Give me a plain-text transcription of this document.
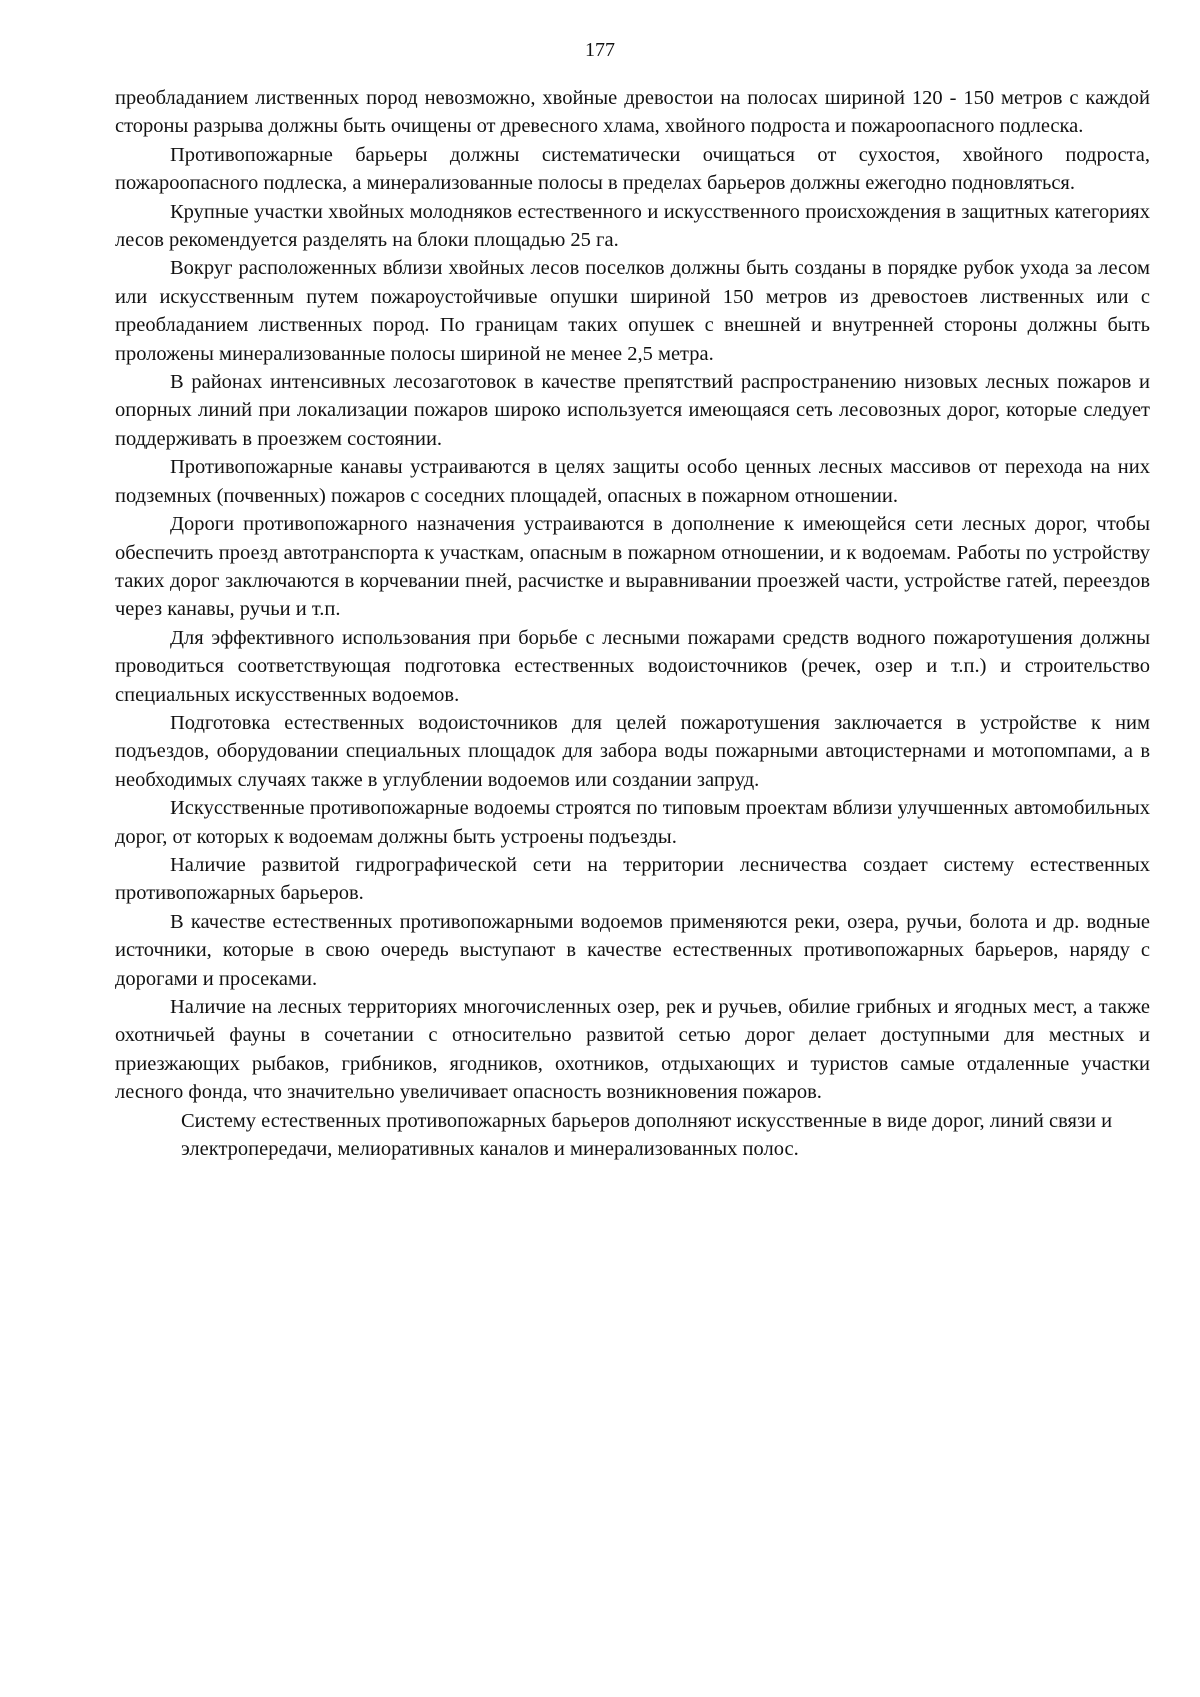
177

преобладанием лиственных пород невозможно, хвойные древостои на полосах шириной 120 - 150 метров с каждой стороны разрыва должны быть очищены от древесного хлама, хвойного подроста и пожароопасного подлеска.

Противопожарные барьеры должны систематически очищаться от сухостоя, хвойного подроста, пожароопасного подлеска, а минерализованные полосы в пределах барьеров должны ежегодно подновляться.

Крупные участки хвойных молодняков естественного и искусственного происхождения в защитных категориях лесов рекомендуется разделять на блоки площадью 25 га.

Вокруг расположенных вблизи хвойных лесов поселков должны быть созданы в порядке рубок ухода за лесом или искусственным путем пожароустойчивые опушки шириной 150 метров из древостоев лиственных или с преобладанием лиственных пород. По границам таких опушек с внешней и внутренней стороны должны быть проложены минерализованные полосы шириной не менее 2,5 метра.

В районах интенсивных лесозаготовок в качестве препятствий распространению низовых лесных пожаров и опорных линий при локализации пожаров широко используется имеющаяся сеть лесовозных дорог, которые следует поддерживать в проезжем состоянии.

Противопожарные канавы устраиваются в целях защиты особо ценных лесных массивов от перехода на них подземных (почвенных) пожаров с соседних площадей, опасных в пожарном отношении.

Дороги противопожарного назначения устраиваются в дополнение к имеющейся сети лесных дорог, чтобы обеспечить проезд автотранспорта к участкам, опасным в пожарном отношении, и к водоемам. Работы по устройству таких дорог заключаются в корчевании пней, расчистке и выравнивании проезжей части, устройстве гатей, переездов через канавы, ручьи и т.п.

Для эффективного использования при борьбе с лесными пожарами средств водного пожаротушения должны проводиться соответствующая подготовка естественных водоисточников (речек, озер и т.п.) и строительство специальных искусственных водоемов.

Подготовка естественных водоисточников для целей пожаротушения заключается в устройстве к ним подъездов, оборудовании специальных площадок для забора воды пожарными автоцистернами и мотопомпами, а в необходимых случаях также в углублении водоемов или создании запруд.

Искусственные противопожарные водоемы строятся по типовым проектам вблизи улучшенных автомобильных дорог, от которых к водоемам должны быть устроены подъезды.

Наличие развитой гидрографической сети на территории лесничества создает систему естественных противопожарных барьеров.

В качестве естественных противопожарными водоемов применяются реки, озера, ручьи, болота и др. водные источники, которые в свою очередь выступают в качестве естественных противопожарных барьеров, наряду с дорогами и просеками.

Наличие на лесных территориях многочисленных озер, рек и ручьев, обилие грибных и ягодных мест, а также охотничьей фауны в сочетании с относительно развитой сетью дорог делает доступными для местных и приезжающих рыбаков, грибников, ягодников, охотников, отдыхающих и туристов самые отдаленные участки лесного фонда, что значительно увеличивает опасность возникновения пожаров.

Систему естественных противопожарных барьеров дополняют искусственные в виде дорог, линий связи и электропередачи, мелиоративных каналов и минерализованных полос.
